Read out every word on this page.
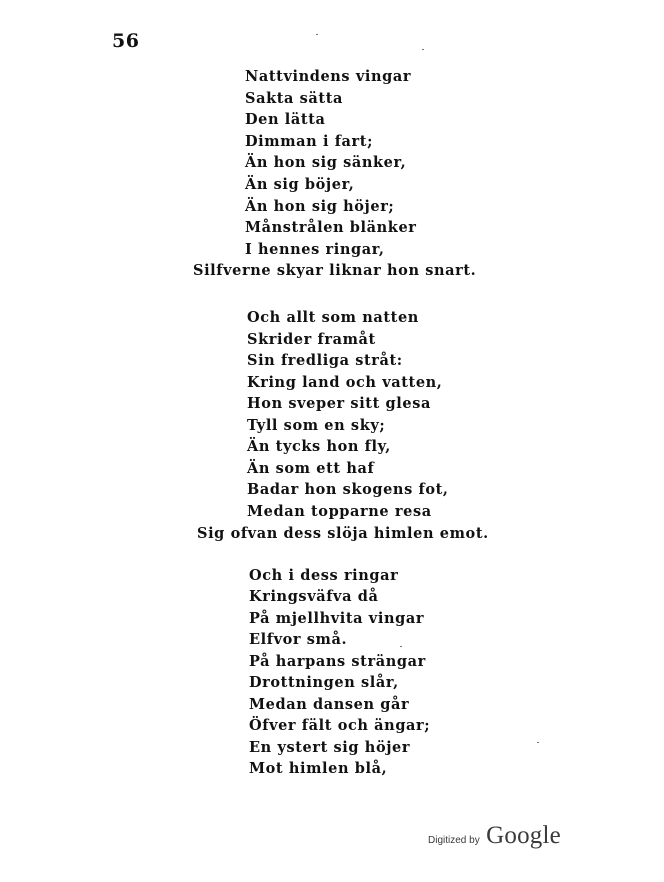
56
Nattvindens vingar
Sakta sätta
Den lätta
Dimman i fart;
Än hon sig sänker,
Än sig böjer,
Än hon sig höjer;
Månstrålen blänker
I hennes ringar,
Silfverne skyar liknar hon snart.
Och allt som natten
Skrider framåt
Sin fredliga stråt:
Kring land och vatten,
Hon sveper sitt glesa
Tyll som en sky;
Än tycks hon fly,
Än som ett haf
Badar hon skogens fot,
Medan topparne resa
Sig ofvan dess slöja himlen emot.
Och i dess ringar
Kringsväfva då
På mjellhvita vingar
Elfvor små.
På harpans strängar
Drottningen slår,
Medan dansen går
Öfver fält och ängar;
En ystert sig höjer
Mot himlen blå,
Digitized by Google
